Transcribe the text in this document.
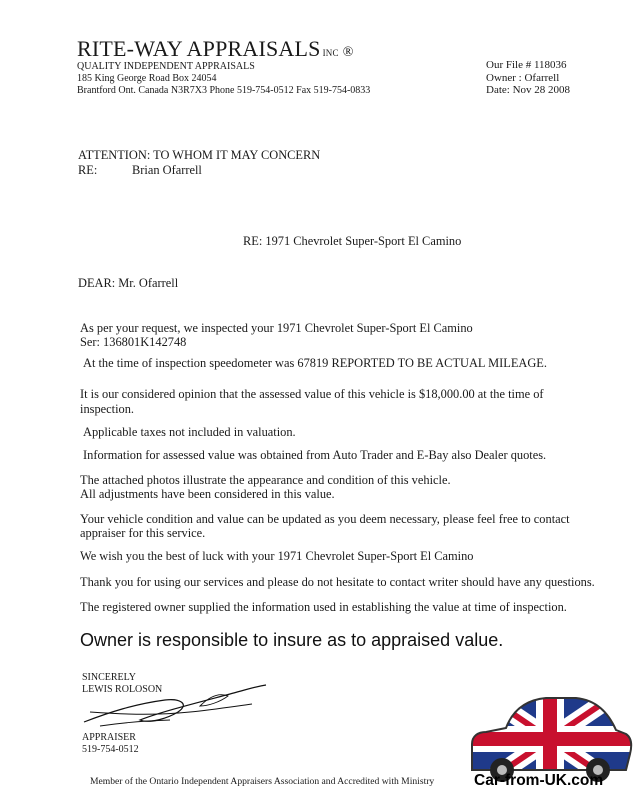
RITE-WAY APPRAISALS INC ®
QUALITY INDEPENDENT APPRAISALS
185 King George Road Box 24054
Brantford Ont. Canada N3R7X3 Phone 519-754-0512 Fax 519-754-0833
Our File # 118036
Owner : Ofarrell
Date: Nov 28 2008
ATTENTION: TO WHOM IT MAY CONCERN
RE:	Brian Ofarrell
RE: 1971 Chevrolet Super-Sport El Camino
DEAR: Mr. Ofarrell
As per your request, we inspected your 1971 Chevrolet Super-Sport El Camino
Ser: 136801K142748
At the time of inspection speedometer was 67819 REPORTED TO BE ACTUAL MILEAGE.
It is our considered opinion that the assessed value of this vehicle is $18,000.00 at the time of
inspection.
Applicable taxes not included in valuation.
Information for assessed value was obtained from Auto Trader and E-Bay also Dealer quotes.
The attached photos illustrate the appearance and condition of this vehicle.
All adjustments have been considered in this value.
Your vehicle condition and value can be updated as you deem necessary, please feel free to contact
appraiser for this service.
We wish you the best of luck with your 1971 Chevrolet Super-Sport El Camino
Thank you for using our services and please do not hesitate to contact writer should have any questions.
The registered owner supplied the information used in establishing the value at time of inspection.
Owner is responsible to insure as to appraised value.
SINCERELY
LEWIS ROLOSON
APPRAISER
519-754-0512
Member of the Ontario Independent Appraisers Association and Accredited with Ministry	Car-from-UK.com
